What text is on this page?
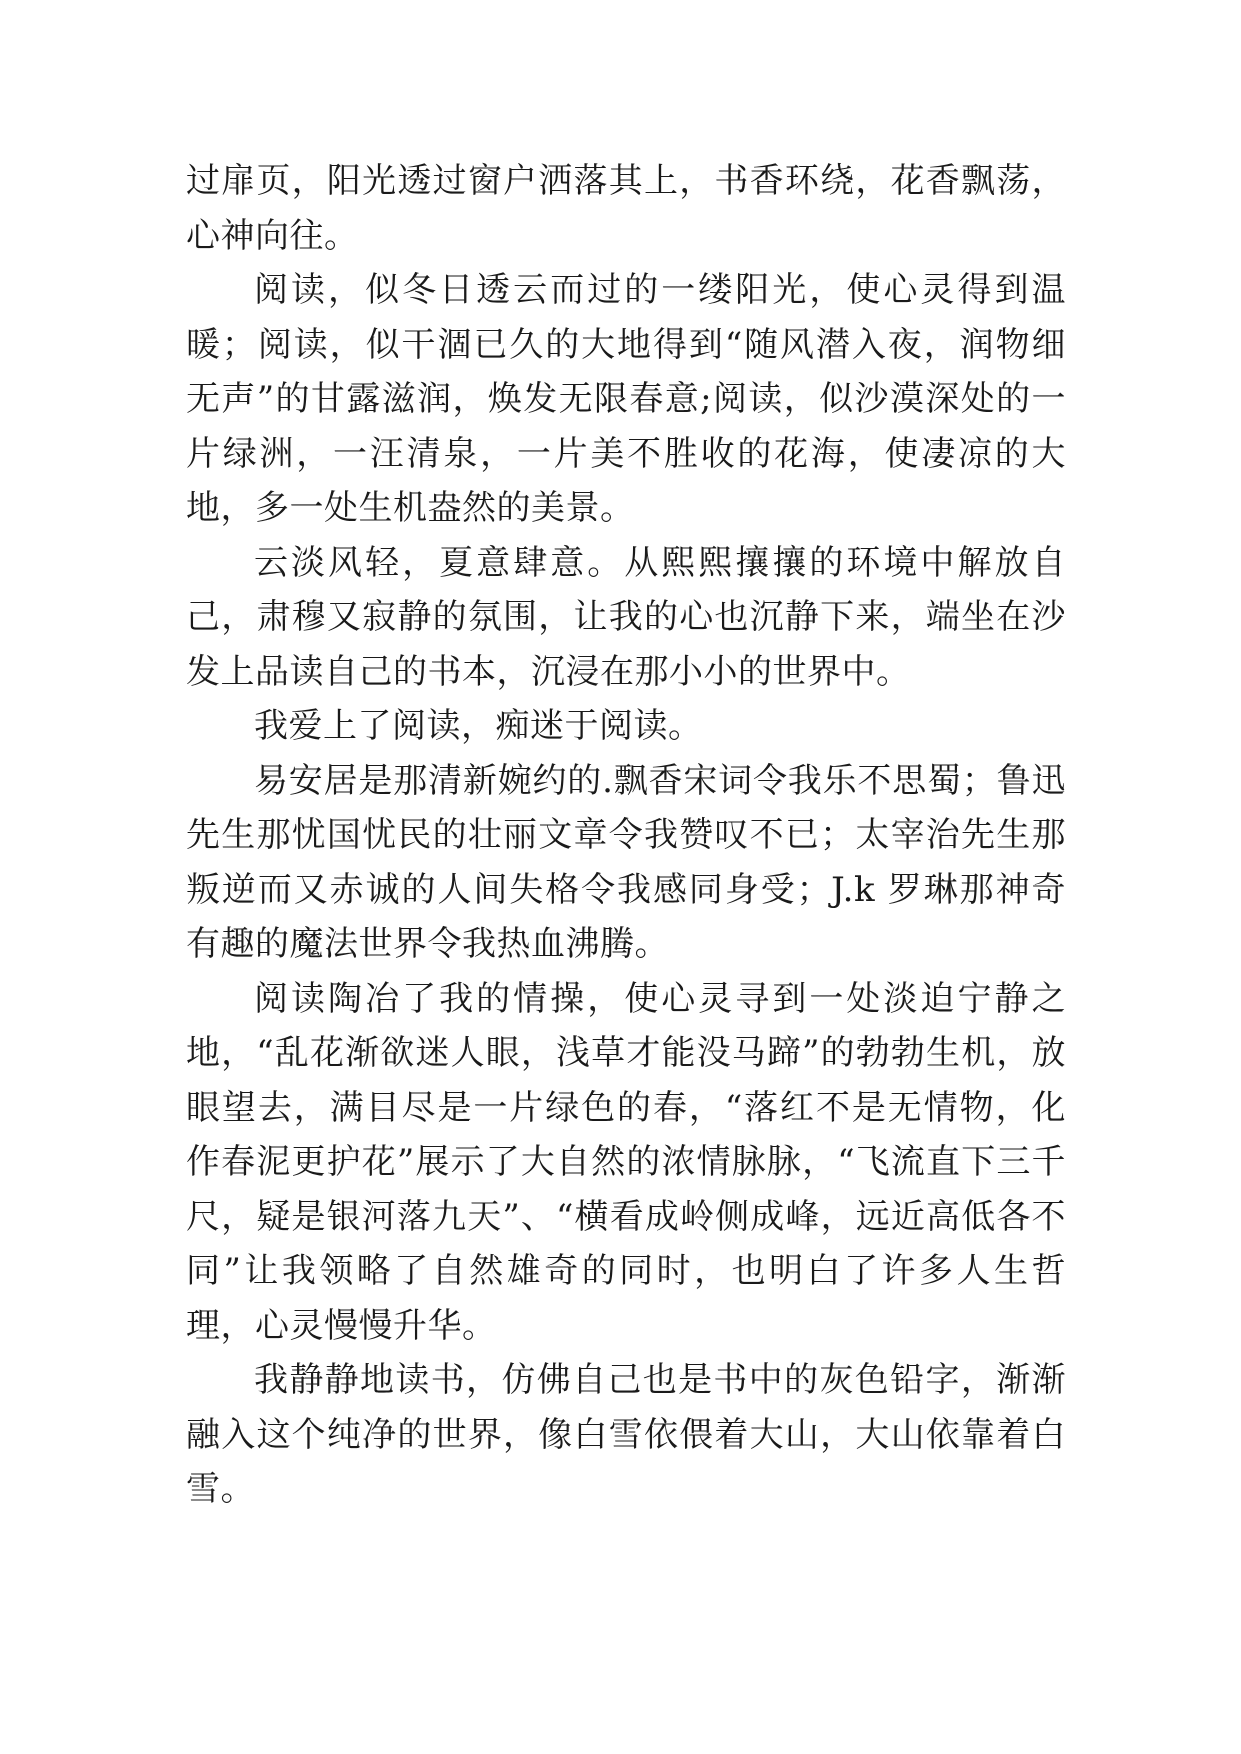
过扉页，阳光透过窗户洒落其上，书香环绕，花香飘荡，心神向往。

阅读，似冬日透云而过的一缕阳光，使心灵得到温暖；阅读，似干涸已久的大地得到“随风潜入夜，润物细无声”的甘露滋润，焕发无限春意;阅读，似沙漠深处的一片绿洲，一汪清泉，一片美不胜收的花海，使凄凉的大地，多一处生机盎然的美景。

云淡风轻，夏意肆意。从熙熙攘攘的环境中解放自己，肃穆又寂静的氛围，让我的心也沉静下来，端坐在沙发上品读自己的书本，沉浸在那小小的世界中。

我爱上了阅读，痴迷于阅读。

易安居是那清新婉约的.飘香宋词令我乐不思蜀；鲁迅先生那忧国忧民的壮丽文章令我赞叹不已；太宰治先生那叛逆而又赤诚的人间失格令我感同身受；J.k 罗琳那神奇有趣的魔法世界令我热血沸腾。

阅读陶冶了我的情操，使心灵寻到一处淡迫宁静之地，“乱花渐欲迷人眼，浅草才能没马蹄”的勃勃生机，放眼望去，满目尽是一片绿色的春，“落红不是无情物，化作春泥更护花”展示了大自然的浓情脉脉，“飞流直下三千尺，疑是银河落九天”、“横看成岭侧成峰，远近高低各不同”让我领略了自然雄奇的同时，也明白了许多人生哲理，心灵慢慢升华。

我静静地读书，仿佛自己也是书中的灰色铅字，渐渐融入这个纯净的世界，像白雪依偎着大山，大山依靠着白雪。
